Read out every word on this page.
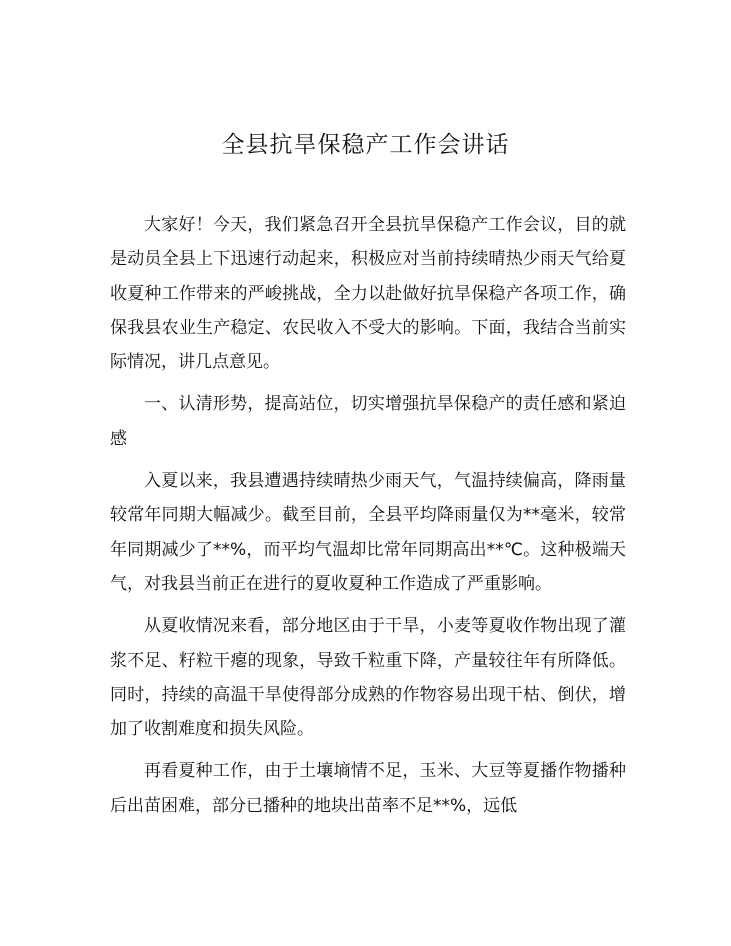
全县抗旱保稳产工作会讲话

大家好！今天，我们紧急召开全县抗旱保稳产工作会议，目的就是动员全县上下迅速行动起来，积极应对当前持续晴热少雨天气给夏收夏种工作带来的严峻挑战，全力以赴做好抗旱保稳产各项工作，确保我县农业生产稳定、农民收入不受大的影响。下面，我结合当前实际情况，讲几点意见。

一、认清形势，提高站位，切实增强抗旱保稳产的责任感和紧迫感

入夏以来，我县遭遇持续晴热少雨天气，气温持续偏高，降雨量较常年同期大幅减少。截至目前，全县平均降雨量仅为**毫米，较常年同期减少了**%，而平均气温却比常年同期高出**℃。这种极端天气，对我县当前正在进行的夏收夏种工作造成了严重影响。

从夏收情况来看，部分地区由于干旱，小麦等夏收作物出现了灌浆不足、籽粒干瘪的现象，导致千粒重下降，产量较往年有所降低。同时，持续的高温干旱使得部分成熟的作物容易出现干枯、倒伏，增加了收割难度和损失风险。

再看夏种工作，由于土壤墒情不足，玉米、大豆等夏播作物播种后出苗困难，部分已播种的地块出苗率不足**%，远低
